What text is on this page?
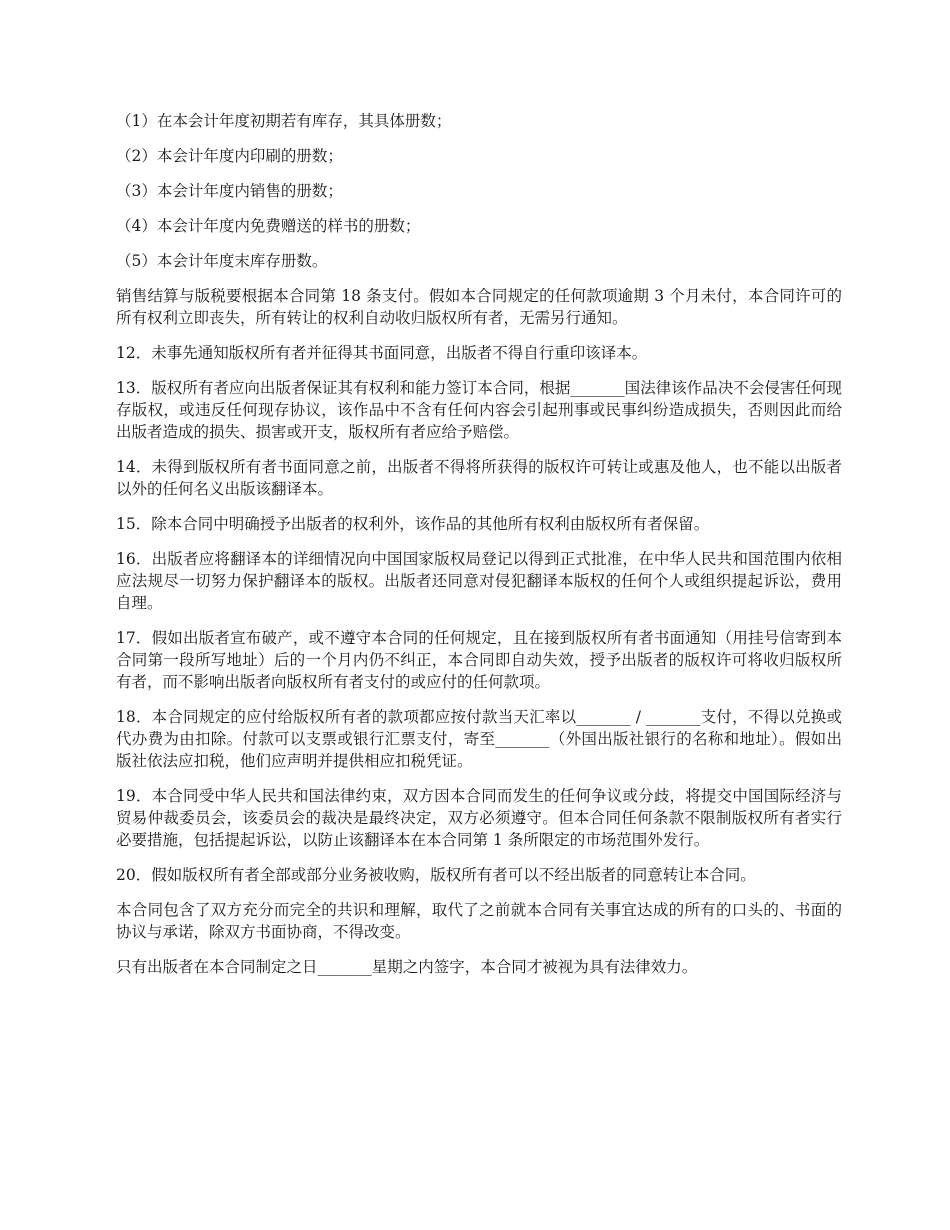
（1）在本会计年度初期若有库存，其具体册数；

（2）本会计年度内印刷的册数；

（3）本会计年度内销售的册数；

（4）本会计年度内免费赠送的样书的册数；

（5）本会计年度末库存册数。

销售结算与版税要根据本合同第 18 条支付。假如本合同规定的任何款项逾期 3 个月未付，本合同许可的所有权利立即丧失，所有转让的权利自动收归版权所有者，无需另行通知。

12．未事先通知版权所有者并征得其书面同意，出版者不得自行重印该译本。

13．版权所有者应向出版者保证其有权利和能力签订本合同，根据_______国法律该作品决不会侵害任何现存版权，或违反任何现存协议，该作品中不含有任何内容会引起刑事或民事纠纷造成损失，否则因此而给出版者造成的损失、损害或开支，版权所有者应给予赔偿。

14．未得到版权所有者书面同意之前，出版者不得将所获得的版权许可转让或惠及他人，也不能以出版者以外的任何名义出版该翻译本。

15．除本合同中明确授予出版者的权利外，该作品的其他所有权利由版权所有者保留。

16．出版者应将翻译本的详细情况向中国国家版权局登记以得到正式批准，在中华人民共和国范围内依相应法规尽一切努力保护翻译本的版权。出版者还同意对侵犯翻译本版权的任何个人或组织提起诉讼，费用自理。

17．假如出版者宣布破产，或不遵守本合同的任何规定，且在接到版权所有者书面通知（用挂号信寄到本合同第一段所写地址）后的一个月内仍不纠正，本合同即自动失效，授予出版者的版权许可将收归版权所有者，而不影响出版者向版权所有者支付的或应付的任何款项。

18．本合同规定的应付给版权所有者的款项都应按付款当天汇率以_______ / _______支付，不得以兑换或代办费为由扣除。付款可以支票或银行汇票支付，寄至_______（外国出版社银行的名称和地址）。假如出版社依法应扣税，他们应声明并提供相应扣税凭证。

19．本合同受中华人民共和国法律约束，双方因本合同而发生的任何争议或分歧，将提交中国国际经济与贸易仲裁委员会，该委员会的裁决是最终决定，双方必须遵守。但本合同任何条款不限制版权所有者实行必要措施，包括提起诉讼，以防止该翻译本在本合同第 1 条所限定的市场范围外发行。

20．假如版权所有者全部或部分业务被收购，版权所有者可以不经出版者的同意转让本合同。

本合同包含了双方充分而完全的共识和理解，取代了之前就本合同有关事宜达成的所有的口头的、书面的协议与承诺，除双方书面协商，不得改变。

只有出版者在本合同制定之日_______星期之内签字，本合同才被视为具有法律效力。
